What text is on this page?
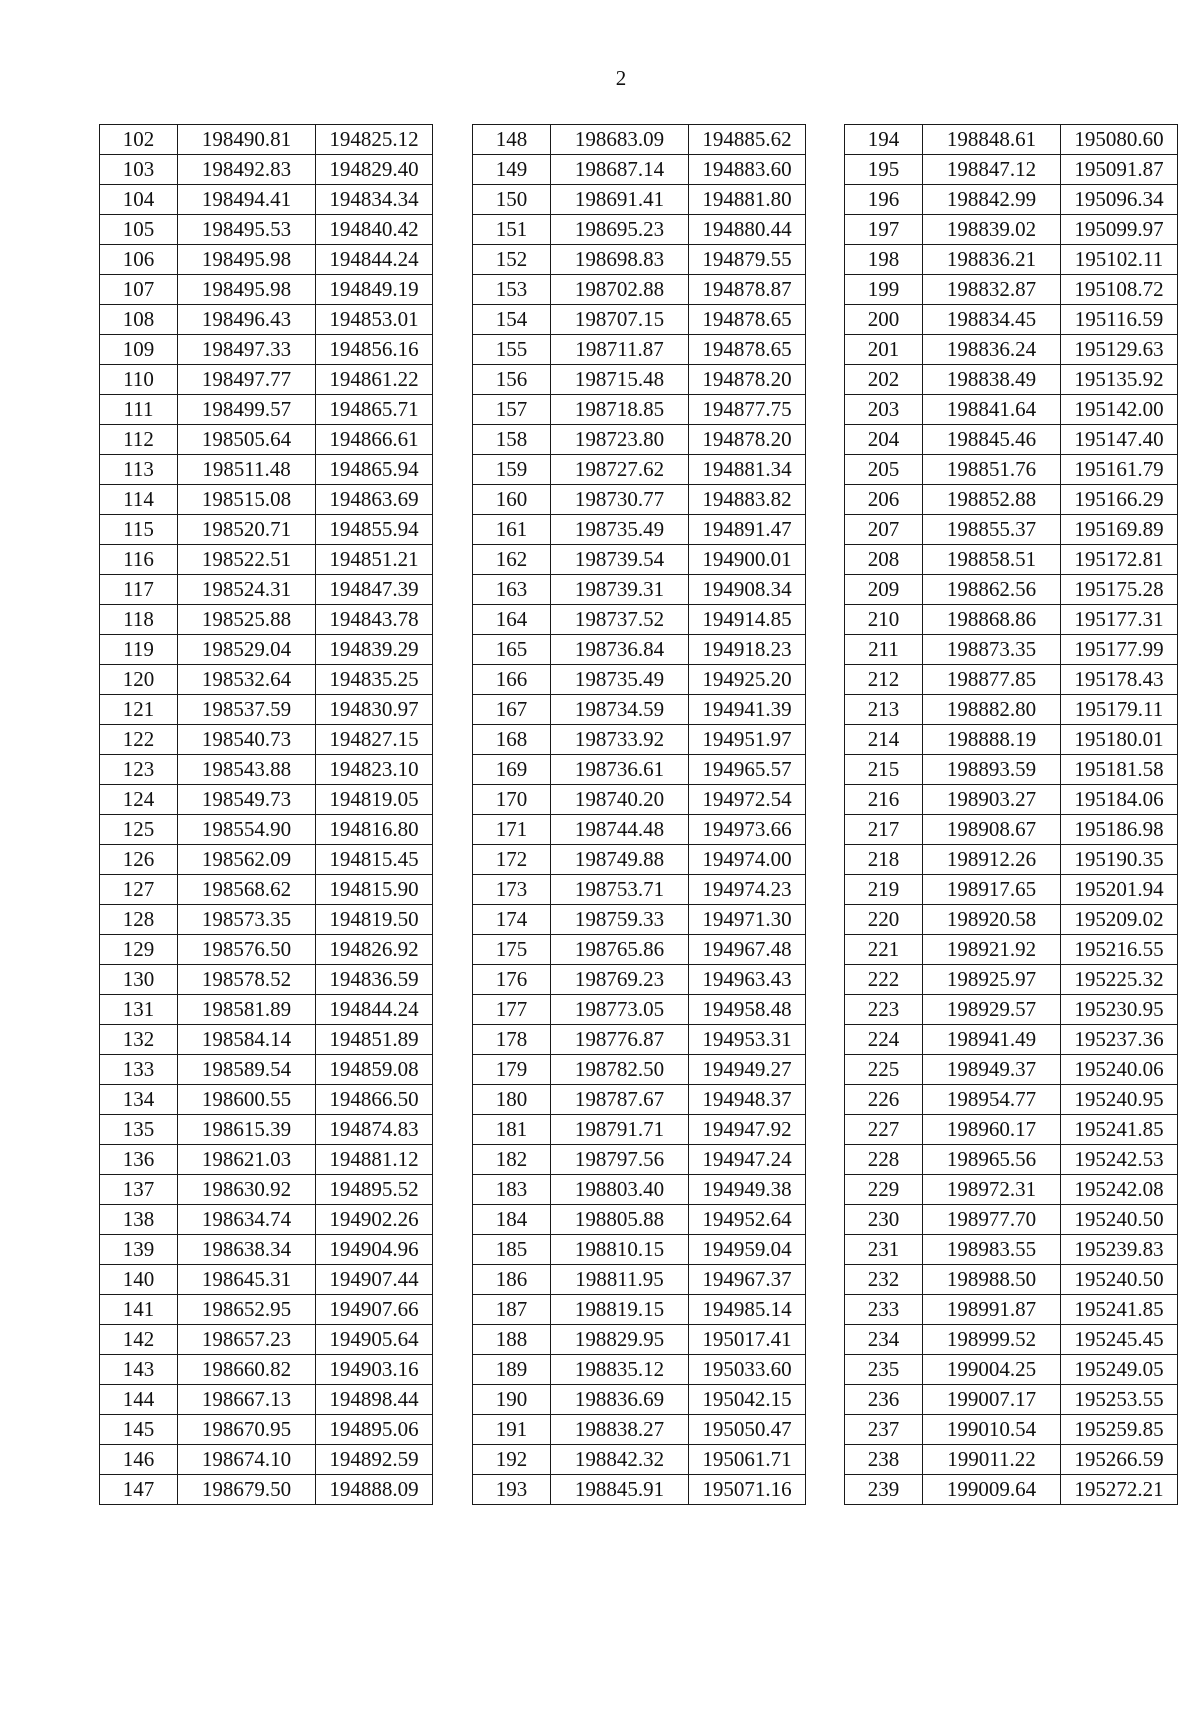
2
102	198490.81	194825.12
103	198492.83	194829.40
104	198494.41	194834.34
105	198495.53	194840.42
106	198495.98	194844.24
107	198495.98	194849.19
108	198496.43	194853.01
109	198497.33	194856.16
110	198497.77	194861.22
111	198499.57	194865.71
112	198505.64	194866.61
113	198511.48	194865.94
114	198515.08	194863.69
115	198520.71	194855.94
116	198522.51	194851.21
117	198524.31	194847.39
118	198525.88	194843.78
119	198529.04	194839.29
120	198532.64	194835.25
121	198537.59	194830.97
122	198540.73	194827.15
123	198543.88	194823.10
124	198549.73	194819.05
125	198554.90	194816.80
126	198562.09	194815.45
127	198568.62	194815.90
128	198573.35	194819.50
129	198576.50	194826.92
130	198578.52	194836.59
131	198581.89	194844.24
132	198584.14	194851.89
133	198589.54	194859.08
134	198600.55	194866.50
135	198615.39	194874.83
136	198621.03	194881.12
137	198630.92	194895.52
138	198634.74	194902.26
139	198638.34	194904.96
140	198645.31	194907.44
141	198652.95	194907.66
142	198657.23	194905.64
143	198660.82	194903.16
144	198667.13	194898.44
145	198670.95	194895.06
146	198674.10	194892.59
147	198679.50	194888.09
148	198683.09	194885.62
149	198687.14	194883.60
150	198691.41	194881.80
151	198695.23	194880.44
152	198698.83	194879.55
153	198702.88	194878.87
154	198707.15	194878.65
155	198711.87	194878.65
156	198715.48	194878.20
157	198718.85	194877.75
158	198723.80	194878.20
159	198727.62	194881.34
160	198730.77	194883.82
161	198735.49	194891.47
162	198739.54	194900.01
163	198739.31	194908.34
164	198737.52	194914.85
165	198736.84	194918.23
166	198735.49	194925.20
167	198734.59	194941.39
168	198733.92	194951.97
169	198736.61	194965.57
170	198740.20	194972.54
171	198744.48	194973.66
172	198749.88	194974.00
173	198753.71	194974.23
174	198759.33	194971.30
175	198765.86	194967.48
176	198769.23	194963.43
177	198773.05	194958.48
178	198776.87	194953.31
179	198782.50	194949.27
180	198787.67	194948.37
181	198791.71	194947.92
182	198797.56	194947.24
183	198803.40	194949.38
184	198805.88	194952.64
185	198810.15	194959.04
186	198811.95	194967.37
187	198819.15	194985.14
188	198829.95	195017.41
189	198835.12	195033.60
190	198836.69	195042.15
191	198838.27	195050.47
192	198842.32	195061.71
193	198845.91	195071.16
194	198848.61	195080.60
195	198847.12	195091.87
196	198842.99	195096.34
197	198839.02	195099.97
198	198836.21	195102.11
199	198832.87	195108.72
200	198834.45	195116.59
201	198836.24	195129.63
202	198838.49	195135.92
203	198841.64	195142.00
204	198845.46	195147.40
205	198851.76	195161.79
206	198852.88	195166.29
207	198855.37	195169.89
208	198858.51	195172.81
209	198862.56	195175.28
210	198868.86	195177.31
211	198873.35	195177.99
212	198877.85	195178.43
213	198882.80	195179.11
214	198888.19	195180.01
215	198893.59	195181.58
216	198903.27	195184.06
217	198908.67	195186.98
218	198912.26	195190.35
219	198917.65	195201.94
220	198920.58	195209.02
221	198921.92	195216.55
222	198925.97	195225.32
223	198929.57	195230.95
224	198941.49	195237.36
225	198949.37	195240.06
226	198954.77	195240.95
227	198960.17	195241.85
228	198965.56	195242.53
229	198972.31	195242.08
230	198977.70	195240.50
231	198983.55	195239.83
232	198988.50	195240.50
233	198991.87	195241.85
234	198999.52	195245.45
235	199004.25	195249.05
236	199007.17	195253.55
237	199010.54	195259.85
238	199011.22	195266.59
239	199009.64	195272.21
